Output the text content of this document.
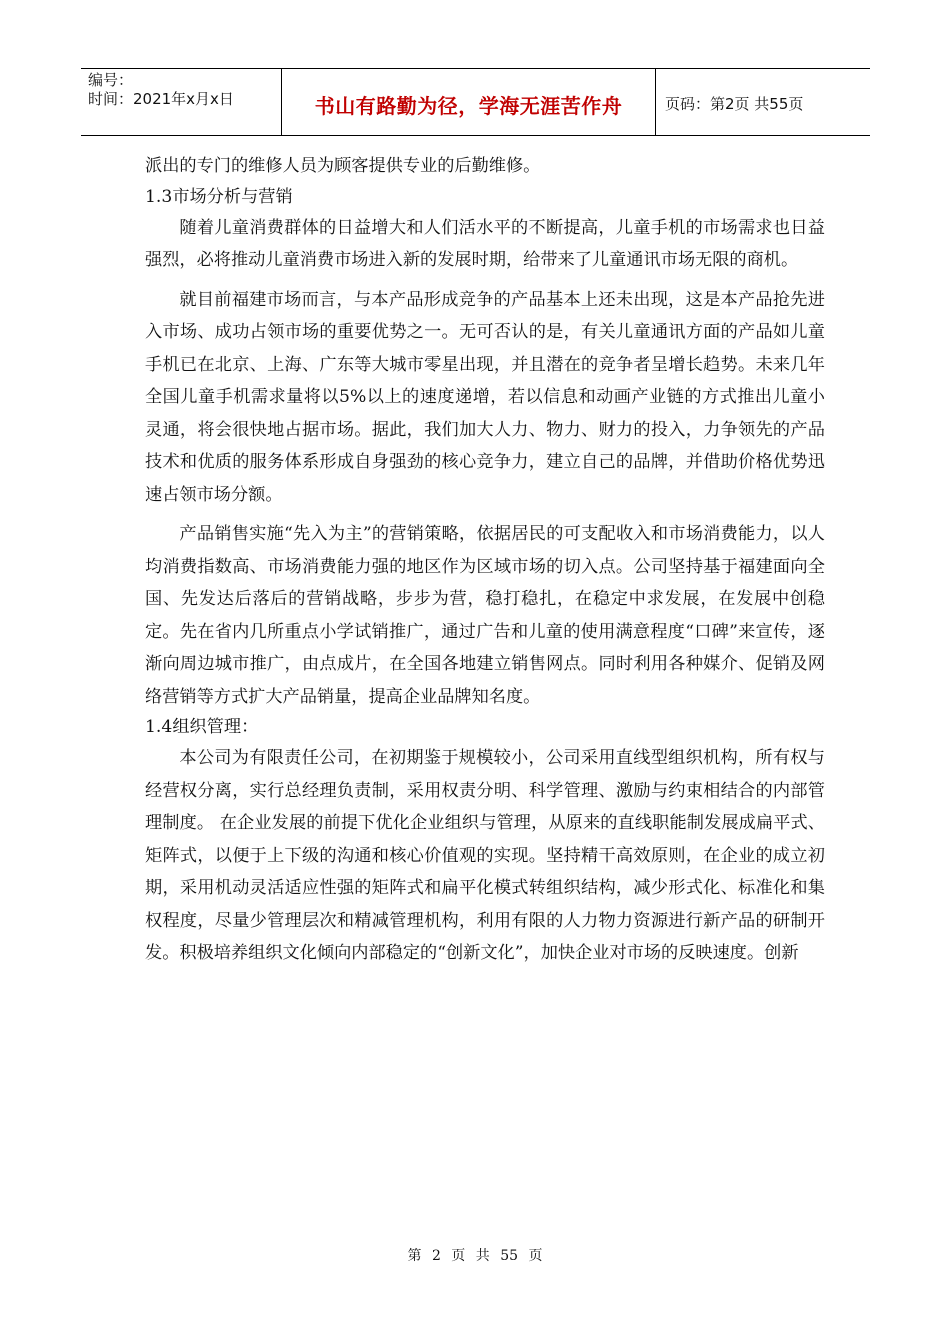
编号：
时间：2021年x月x日	书山有路勤为径，学海无涯苦作舟	页码：第2页 共55页

派出的专门的维修人员为顾客提供专业的后勤维修。

1.3市场分析与营销

随着儿童消费群体的日益增大和人们活水平的不断提高，儿童手机的市场需求也日益强烈，必将推动儿童消费市场进入新的发展时期，给带来了儿童通讯市场无限的商机。

就目前福建市场而言，与本产品形成竞争的产品基本上还未出现，这是本产品抢先进入市场、成功占领市场的重要优势之一。无可否认的是，有关儿童通讯方面的产品如儿童手机已在北京、上海、广东等大城市零星出现，并且潜在的竞争者呈增长趋势。未来几年全国儿童手机需求量将以5%以上的速度递增，若以信息和动画产业链的方式推出儿童小灵通，将会很快地占据市场。据此，我们加大人力、物力、财力的投入，力争领先的产品技术和优质的服务体系形成自身强劲的核心竞争力，建立自己的品牌，并借助价格优势迅速占领市场分额。

产品销售实施“先入为主”的营销策略，依据居民的可支配收入和市场消费能力，以人均消费指数高、市场消费能力强的地区作为区域市场的切入点。公司坚持基于福建面向全国、先发达后落后的营销战略，步步为营，稳打稳扎，在稳定中求发展，在发展中创稳定。先在省内几所重点小学试销推广，通过广告和儿童的使用满意程度“口碑”来宣传，逐渐向周边城市推广，由点成片，在全国各地建立销售网点。同时利用各种媒介、促销及网络营销等方式扩大产品销量，提高企业品牌知名度。

1.4组织管理：

本公司为有限责任公司，在初期鉴于规模较小，公司采用直线型组织机构，所有权与经营权分离，实行总经理负责制，采用权责分明、科学管理、激励与约束相结合的内部管理制度。 在企业发展的前提下优化企业组织与管理，从原来的直线职能制发展成扁平式、矩阵式，以便于上下级的沟通和核心价值观的实现。坚持精干高效原则，在企业的成立初期，采用机动灵活适应性强的矩阵式和扁平化模式转组织结构，减少形式化、标准化和集权程度，尽量少管理层次和精减管理机构，利用有限的人力物力资源进行新产品的研制开发。积极培养组织文化倾向内部稳定的“创新文化”，加快企业对市场的反映速度。创新

第 2 页 共 55 页
